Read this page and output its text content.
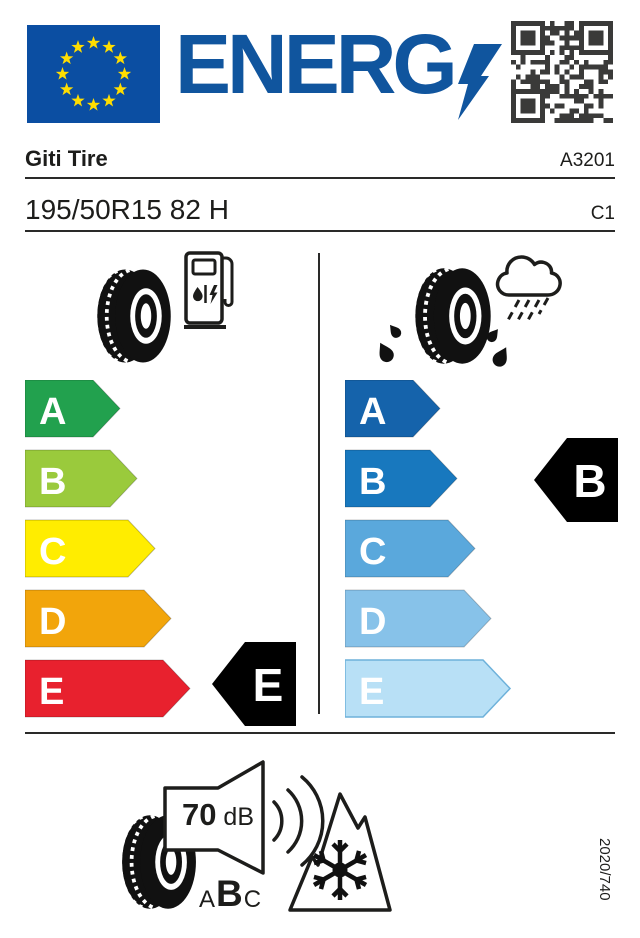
ENERG
Giti Tire	A3201
195/50R15 82 H	C1
A
B
C
D
E	E
A
B
C
D
E
B
70 dB
A B C	2020/740
